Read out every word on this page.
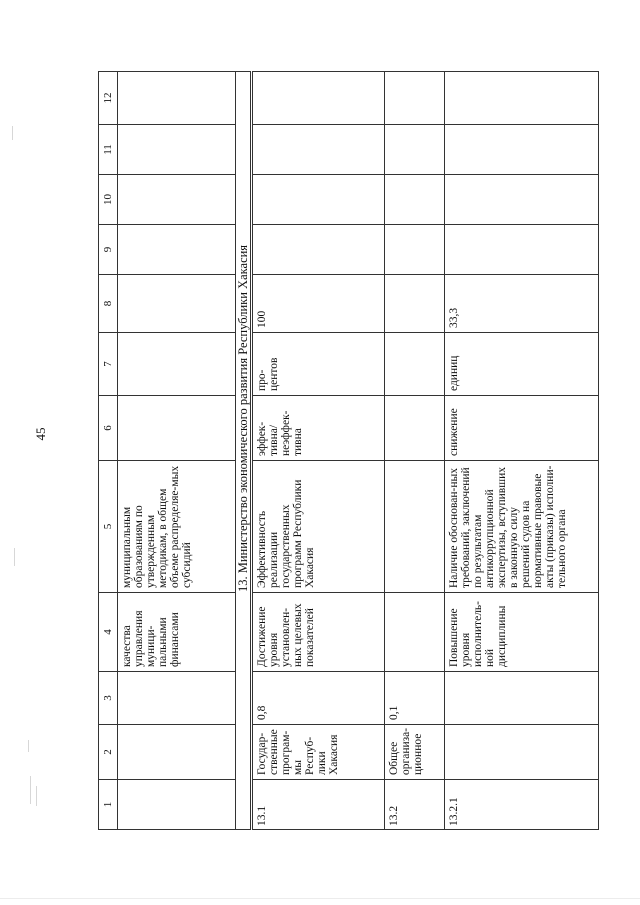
45
1	2	3	4	5	6	7	8	9	10	11	12
			качества управления муници-пальными финансами	муниципальным образованиям по утвержденным методикам, в общем объеме распределяе-мых субсидий							
13. Министерство экономического развития Республики Хакасия											
13.1	Государ-ственные програм-мы Респуб-лики Хакасия	0,8	Достижение уровня установлен-ных целевых показателей	Эффективность реализации государственных программ Республики Хакасия	эффек-тивна/ неэффек-тивна	про-центов	100				
13.2	Общее организа-ционное	0,1									
13.2.1			Повышение уровня исполнитель-ной дисциплины	Наличие обоснован-ных требований, заключений по результатам антикоррупционной экспертизы, вступивших в законную силу решений судов на нормативные правовые акты (приказы) исполни-тельного органа	снижение	единиц	33,3				
